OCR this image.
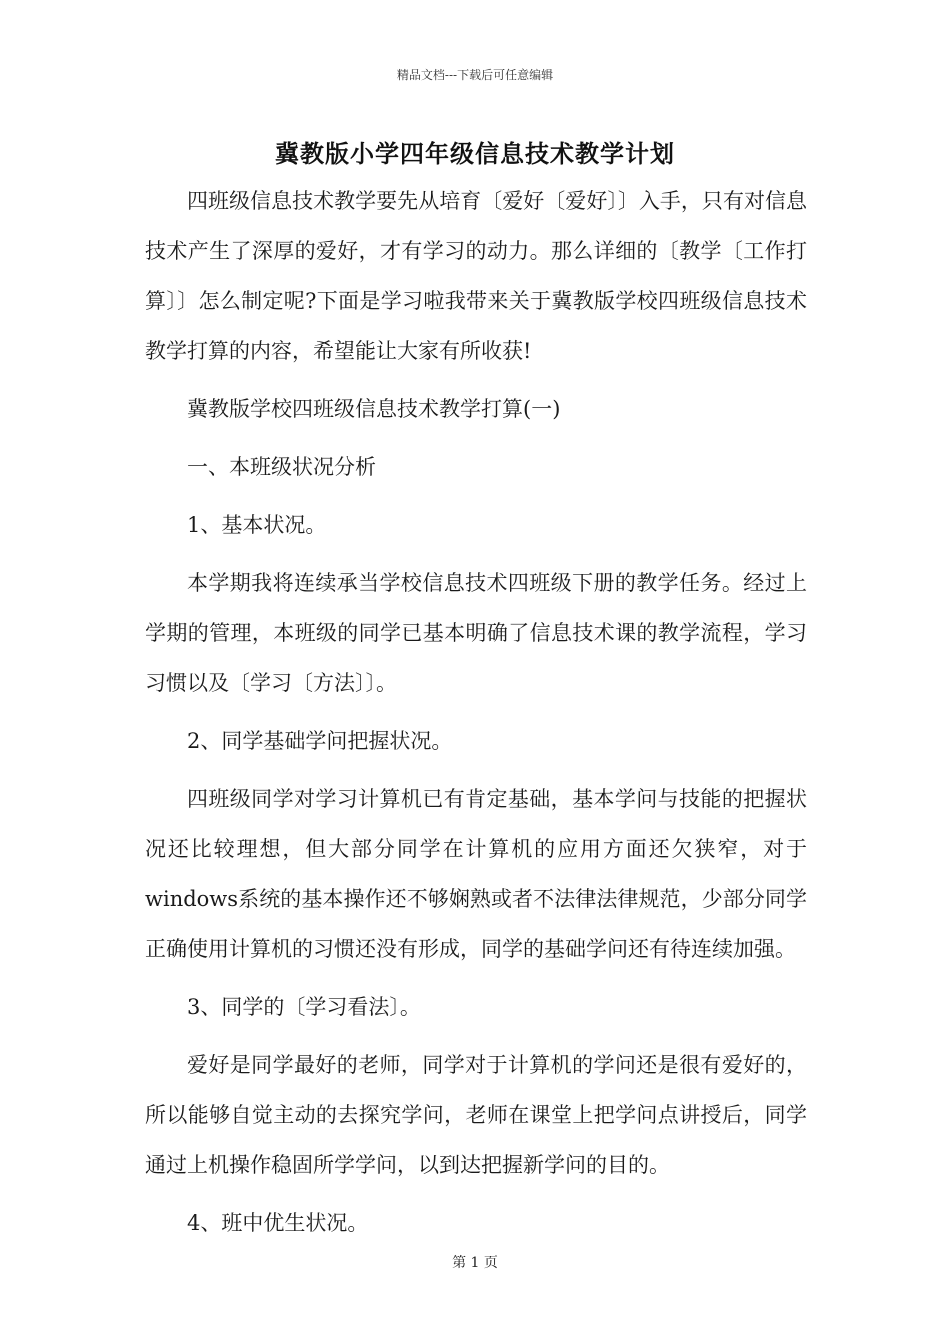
精品文档---下载后可任意编辑
冀教版小学四年级信息技术教学计划

四班级信息技术教学要先从培育〔爱好〔爱好〕〕入手，只有对信息技术产生了深厚的爱好，才有学习的动力。那么详细的〔教学〔工作打算〕〕怎么制定呢?下面是学习啦我带来关于冀教版学校四班级信息技术教学打算的内容，希望能让大家有所收获!

冀教版学校四班级信息技术教学打算(一)

一、本班级状况分析

1、基本状况。

本学期我将连续承当学校信息技术四班级下册的教学任务。经过上学期的管理，本班级的同学已基本明确了信息技术课的教学流程，学习习惯以及〔学习〔方法〕〕。

2、同学基础学问把握状况。

四班级同学对学习计算机已有肯定基础，基本学问与技能的把握状况还比较理想，但大部分同学在计算机的应用方面还欠狭窄，对于windows系统的基本操作还不够娴熟或者不法律法律规范，少部分同学正确使用计算机的习惯还没有形成，同学的基础学问还有待连续加强。

3、同学的〔学习看法〕。

爱好是同学最好的老师，同学对于计算机的学问还是很有爱好的，所以能够自觉主动的去探究学问，老师在课堂上把学问点讲授后，同学通过上机操作稳固所学学问，以到达把握新学问的目的。

4、班中优生状况。

第 1 页
